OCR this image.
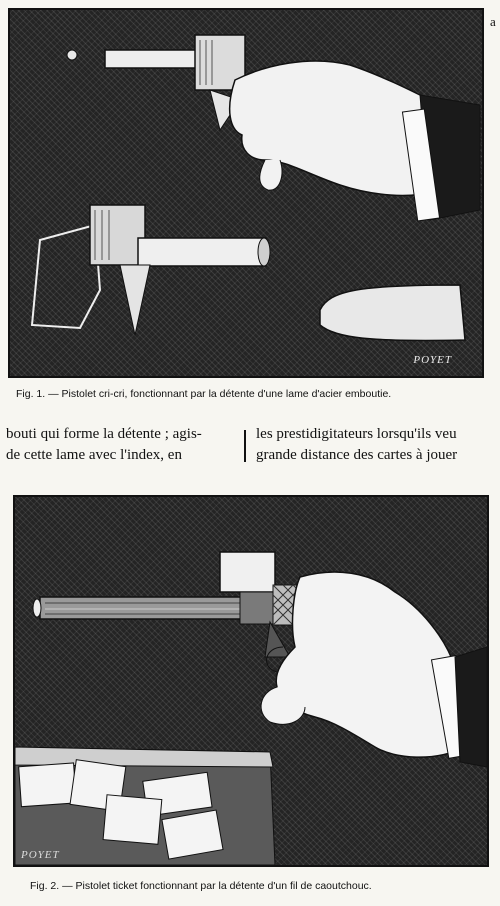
a
POYET
Fig. 1. — Pistolet cri-cri, fonctionnant par la détente d'une lame d'acier emboutie.
bouti qui forme la détente ; agis-
de cette lame avec l'index, en
les prestidigitateurs lorsqu'ils veu
grande distance des cartes à jouer
POYET
Fig. 2. — Pistolet ticket fonctionnant par la détente d'un fil de caoutchouc.
